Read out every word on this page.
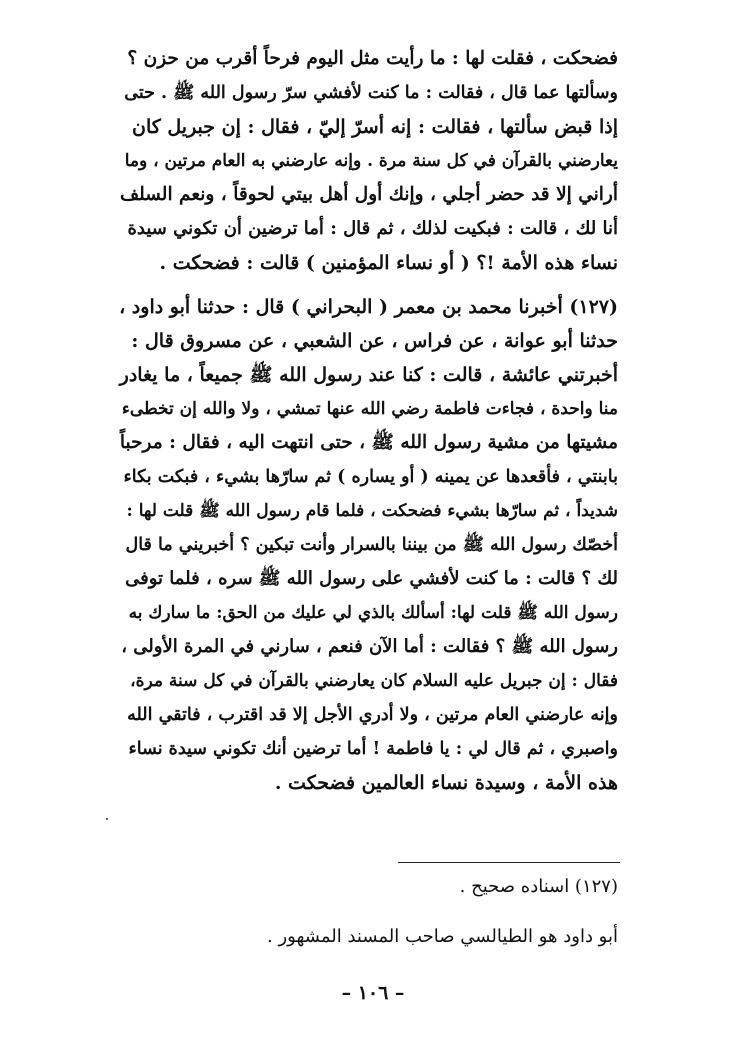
فضحكت ، فقلت لها : ما رأيت مثل اليوم فرحاً أقرب من حزن ؟
وسألتها عما قال ، فقالت : ما كنت لأفشي سرّ رسول الله ﷺ . حتى
إذا قبض سألتها ، فقالت : إنه أسرّ إليّ ، فقال : إن جبريل كان
يعارضني بالقرآن في كل سنة مرة . وإنه عارضني به العام مرتين ، وما
أراني إلا قد حضر أجلي ، وإنك أول أهل بيتي لحوقاً ، ونعم السلف
أنا لك ، قالت : فبكيت لذلك ، ثم قال : أما ترضين أن تكوني سيدة
نساء هذه الأمة !؟ ( أو نساء المؤمنين ) قالت : فضحكت .
(١٢٧) أخبرنا محمد بن معمر ( البحراني ) قال : حدثنا أبو داود ،
حدثنا أبو عوانة ، عن فراس ، عن الشعبي ، عن مسروق قال :
أخبرتني عائشة ، قالت : كنا عند رسول الله ﷺ جميعاً ، ما يغادر
منا واحدة ، فجاءت فاطمة رضي الله عنها تمشي ، ولا والله إن تخطىء
مشيتها من مشية رسول الله ﷺ ، حتى انتهت اليه ، فقال : مرحباً
بابنتي ، فأقعدها عن يمينه ( أو يساره ) ثم سارّها بشيء ، فبكت بكاء
شديداً ، ثم سارّها بشيء فضحكت ، فلما قام رسول الله ﷺ قلت لها :
أخصّك رسول الله ﷺ من بيننا بالسرار وأنت تبكين ؟ أخبريني ما قال
لك ؟ قالت : ما كنت لأفشي على رسول الله ﷺ سره ، فلما توفى
رسول الله ﷺ قلت لها: أسألك بالذي لي عليك من الحق: ما سارك به
رسول الله ﷺ ؟ فقالت : أما الآن فنعم ، سارني في المرة الأولى ،
فقال : إن جبريل عليه السلام كان يعارضني بالقرآن في كل سنة مرة،
وإنه عارضني العام مرتين ، ولا أدري الأجل إلا قد اقترب ، فاتقي الله
واصبري ، ثم قال لي : يا فاطمة ! أما ترضين أنك تكوني سيدة نساء
هذه الأمة ، وسيدة نساء العالمين فضحكت .
(١٢٧) اسناده صحيح .
أبو داود هو الطيالسي صاحب المسند المشهور .
– ١٠٦ –
